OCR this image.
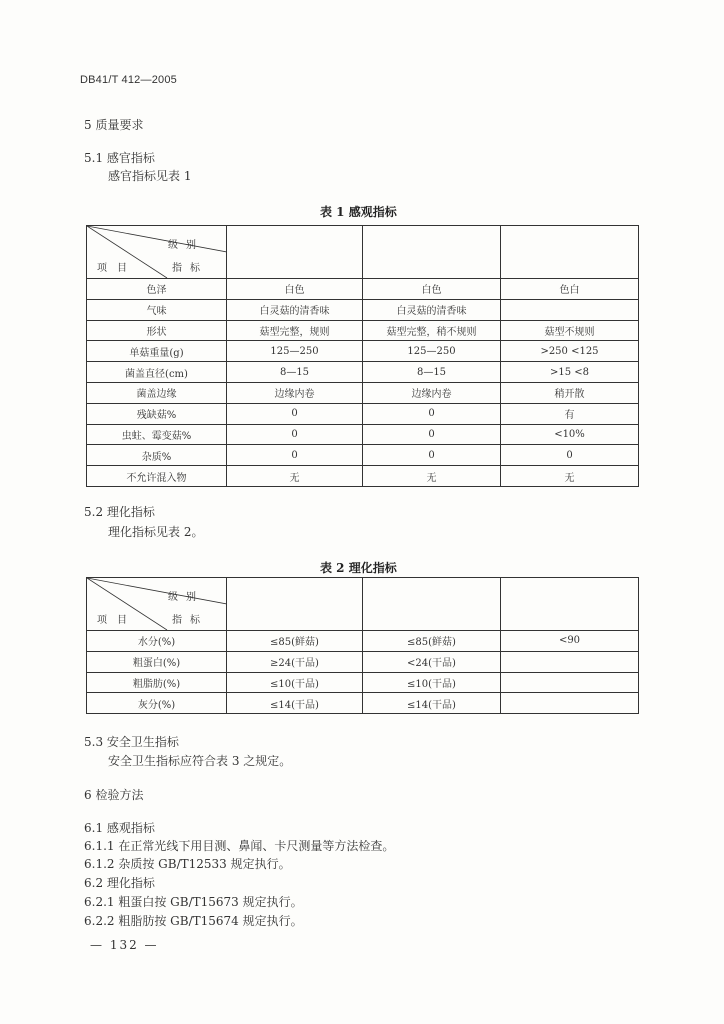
DB41/T 412—2005
5 质量要求
5.1 感官指标
感官指标见表 1
表 1 感观指标
级别
项目 指标			

色泽	白色	白色	色白
气味	白灵菇的清香味	白灵菇的清香味	
形状	菇型完整，规则	菇型完整，稍不规则	菇型不规则
单菇重量(g)	125—250	125—250	>250 <125
菌盖直径(cm)	8—15	8—15	>15 <8
菌盖边缘	边缘内卷	边缘内卷	稍开散
残缺菇%	0	0	有
虫蛀、霉变菇%	0	0	<10%
杂质%	0	0	0
不允许混入物	无	无	无
5.2 理化指标
理化指标见表 2。
表 2 理化指标
级别
项目 指标			

水分(%)	≤85(鲜菇)	≤85(鲜菇)	<90
粗蛋白(%)	≥24(干品)	<24(干品)	
粗脂肪(%)	≤10(干品)	≤10(干品)	
灰分(%)	≤14(干品)	≤14(干品)	
5.3 安全卫生指标
安全卫生指标应符合表 3 之规定。
6 检验方法
6.1 感观指标
6.1.1 在正常光线下用目测、鼻闻、卡尺测量等方法检查。
6.1.2 杂质按 GB/T12533 规定执行。
6.2 理化指标
6.2.1 粗蛋白按 GB/T15673 规定执行。
6.2.2 粗脂肪按 GB/T15674 规定执行。
— 132 —
